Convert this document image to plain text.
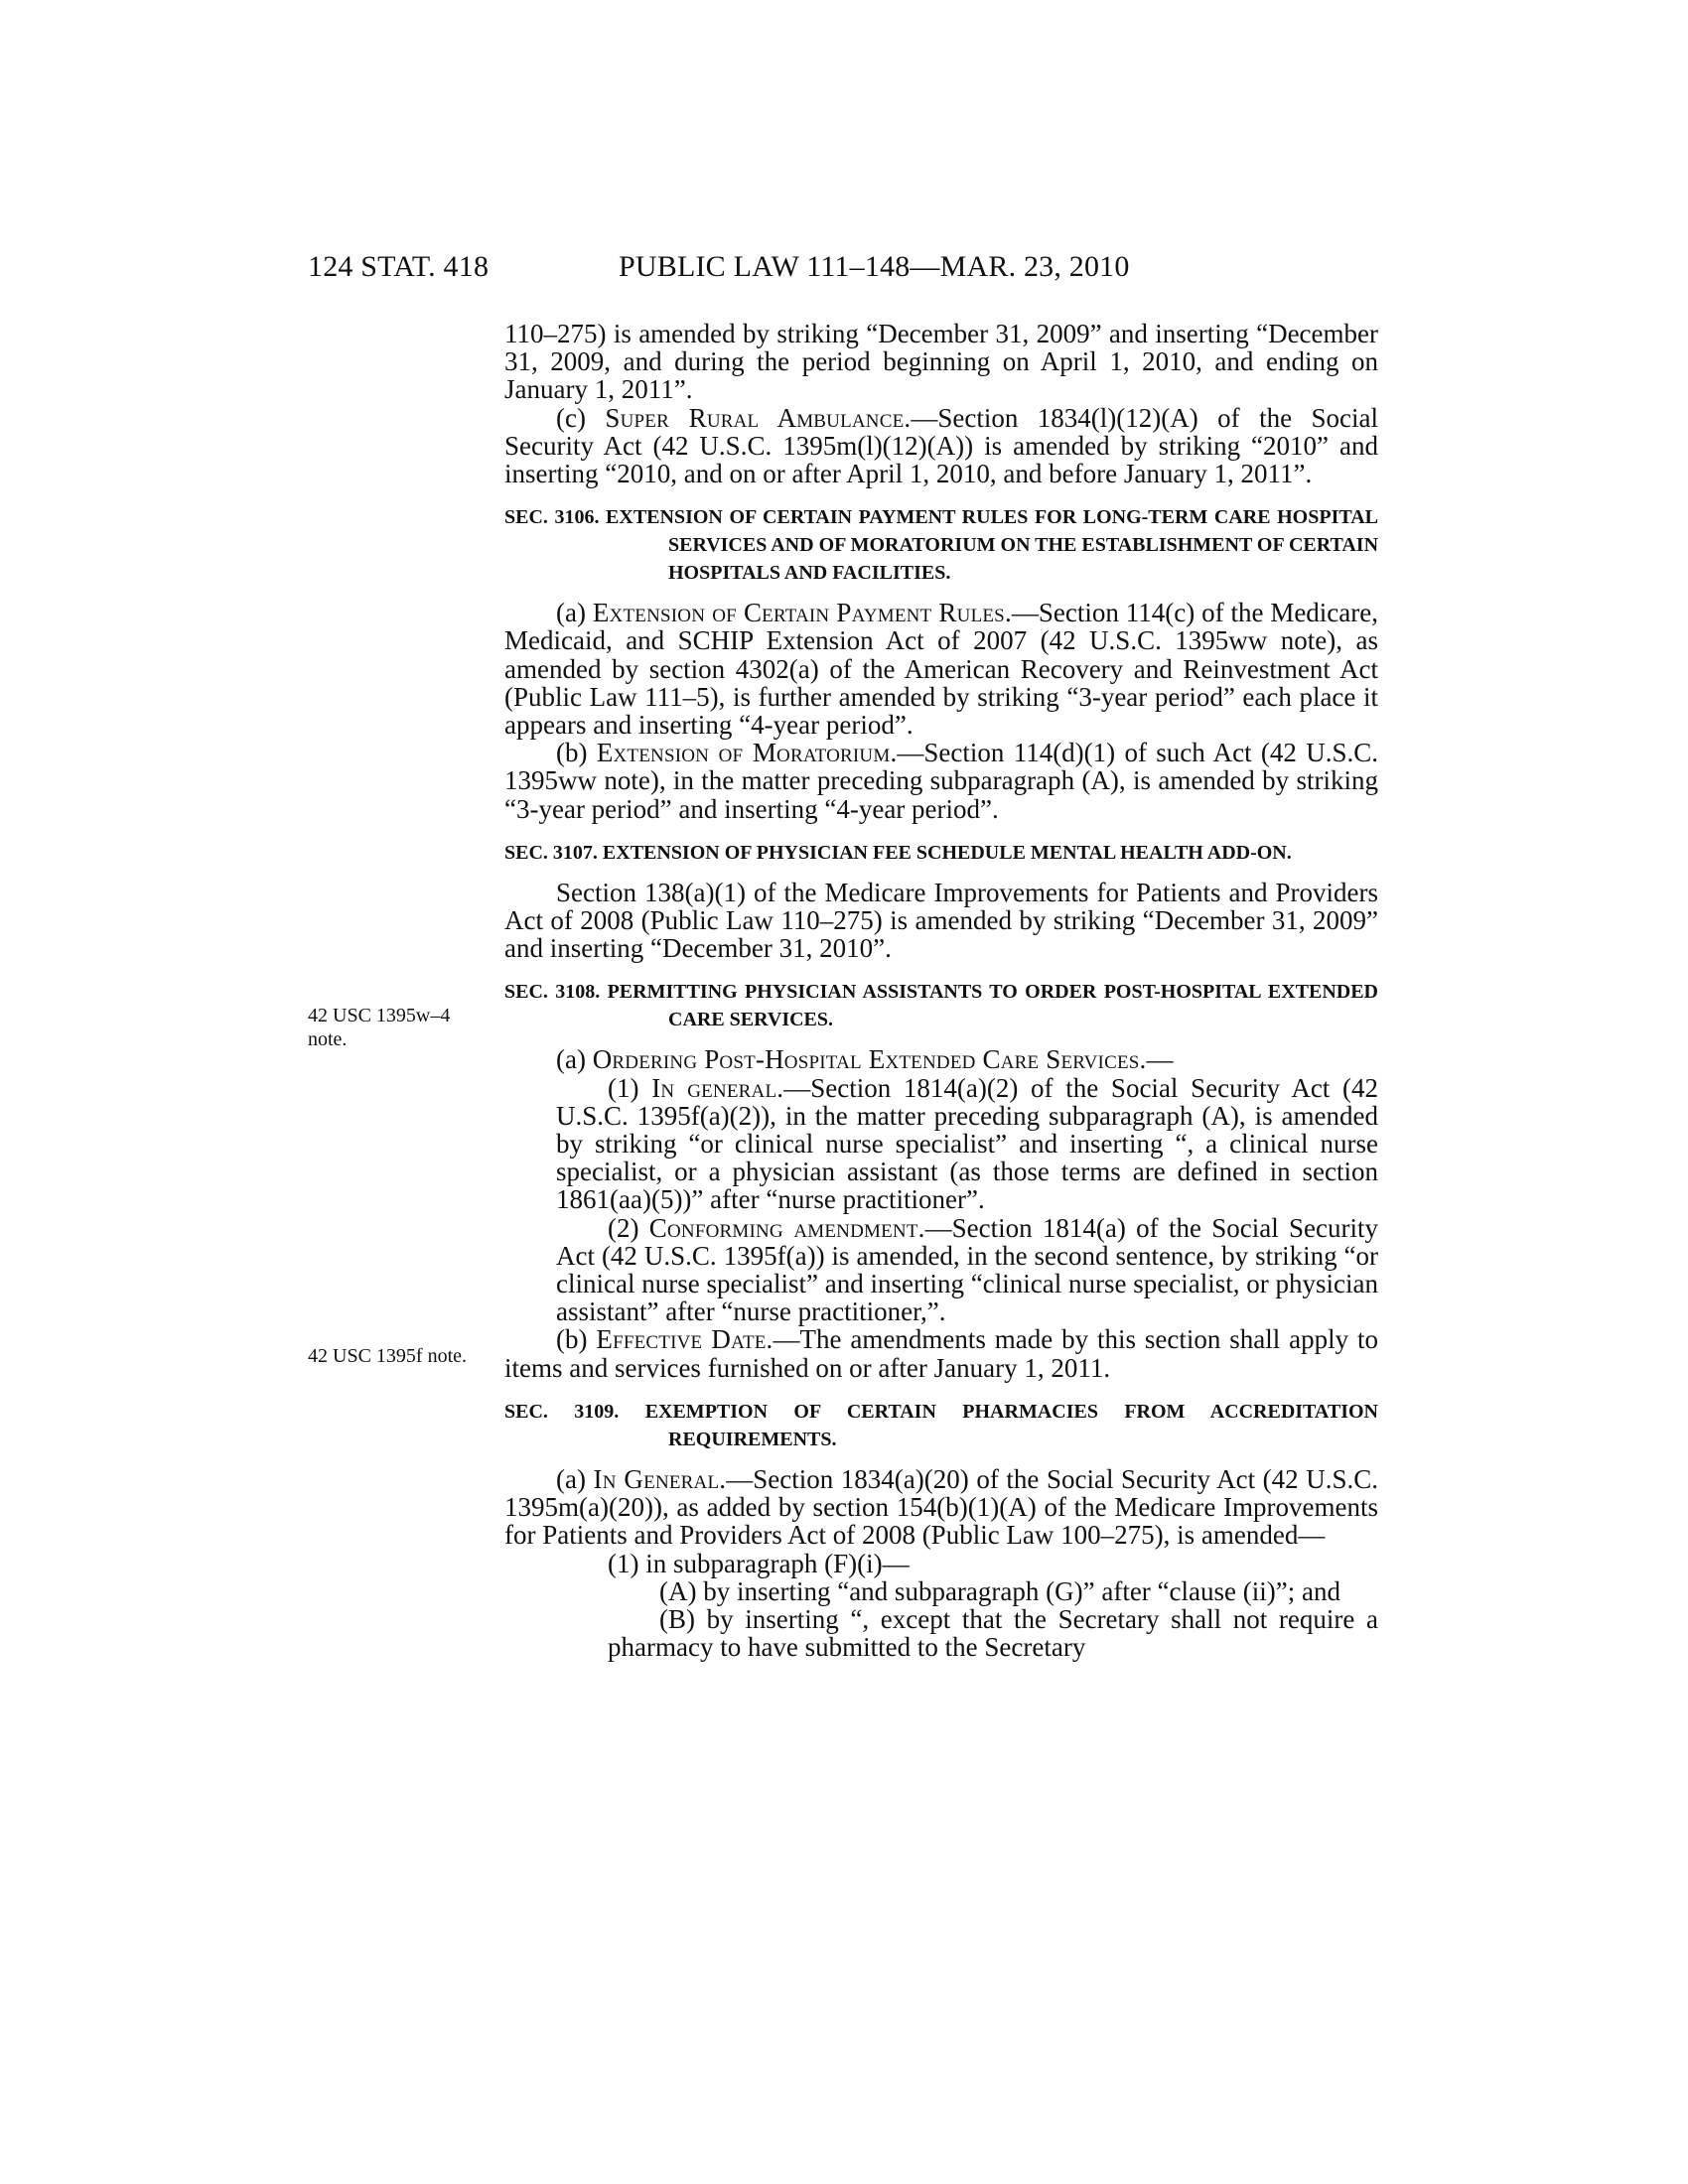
124 STAT. 418	PUBLIC LAW 111–148—MAR. 23, 2010
42 USC 1395w–4 note.
42 USC 1395f note.

110–275) is amended by striking “December 31, 2009” and inserting “December 31, 2009, and during the period beginning on April 1, 2010, and ending on January 1, 2011”.

(c) Super Rural Ambulance.—Section 1834(l)(12)(A) of the Social Security Act (42 U.S.C. 1395m(l)(12)(A)) is amended by striking “2010” and inserting “2010, and on or after April 1, 2010, and before January 1, 2011”.

SEC. 3106. EXTENSION OF CERTAIN PAYMENT RULES FOR LONG-TERM CARE HOSPITAL SERVICES AND OF MORATORIUM ON THE ESTABLISHMENT OF CERTAIN HOSPITALS AND FACILITIES.

(a) Extension of Certain Payment Rules.—Section 114(c) of the Medicare, Medicaid, and SCHIP Extension Act of 2007 (42 U.S.C. 1395ww note), as amended by section 4302(a) of the American Recovery and Reinvestment Act (Public Law 111–5), is further amended by striking “3-year period” each place it appears and inserting “4-year period”.

(b) Extension of Moratorium.—Section 114(d)(1) of such Act (42 U.S.C. 1395ww note), in the matter preceding subparagraph (A), is amended by striking “3-year period” and inserting “4-year period”.

SEC. 3107. EXTENSION OF PHYSICIAN FEE SCHEDULE MENTAL HEALTH ADD-ON.

Section 138(a)(1) of the Medicare Improvements for Patients and Providers Act of 2008 (Public Law 110–275) is amended by striking “December 31, 2009” and inserting “December 31, 2010”.

SEC. 3108. PERMITTING PHYSICIAN ASSISTANTS TO ORDER POST-HOSPITAL EXTENDED CARE SERVICES.

(a) Ordering Post-Hospital Extended Care Services.—

(1) In general.—Section 1814(a)(2) of the Social Security Act (42 U.S.C. 1395f(a)(2)), in the matter preceding subparagraph (A), is amended by striking “or clinical nurse specialist” and inserting “, a clinical nurse specialist, or a physician assistant (as those terms are defined in section 1861(aa)(5))” after “nurse practitioner”.

(2) Conforming amendment.—Section 1814(a) of the Social Security Act (42 U.S.C. 1395f(a)) is amended, in the second sentence, by striking “or clinical nurse specialist” and inserting “clinical nurse specialist, or physician assistant” after “nurse practitioner,”.

(b) Effective Date.—The amendments made by this section shall apply to items and services furnished on or after January 1, 2011.

SEC. 3109. EXEMPTION OF CERTAIN PHARMACIES FROM ACCREDITATION REQUIREMENTS.

(a) In General.—Section 1834(a)(20) of the Social Security Act (42 U.S.C. 1395m(a)(20)), as added by section 154(b)(1)(A) of the Medicare Improvements for Patients and Providers Act of 2008 (Public Law 100–275), is amended—

(1) in subparagraph (F)(i)—

(A) by inserting “and subparagraph (G)” after “clause (ii)”; and

(B) by inserting “, except that the Secretary shall not require a pharmacy to have submitted to the Secretary
